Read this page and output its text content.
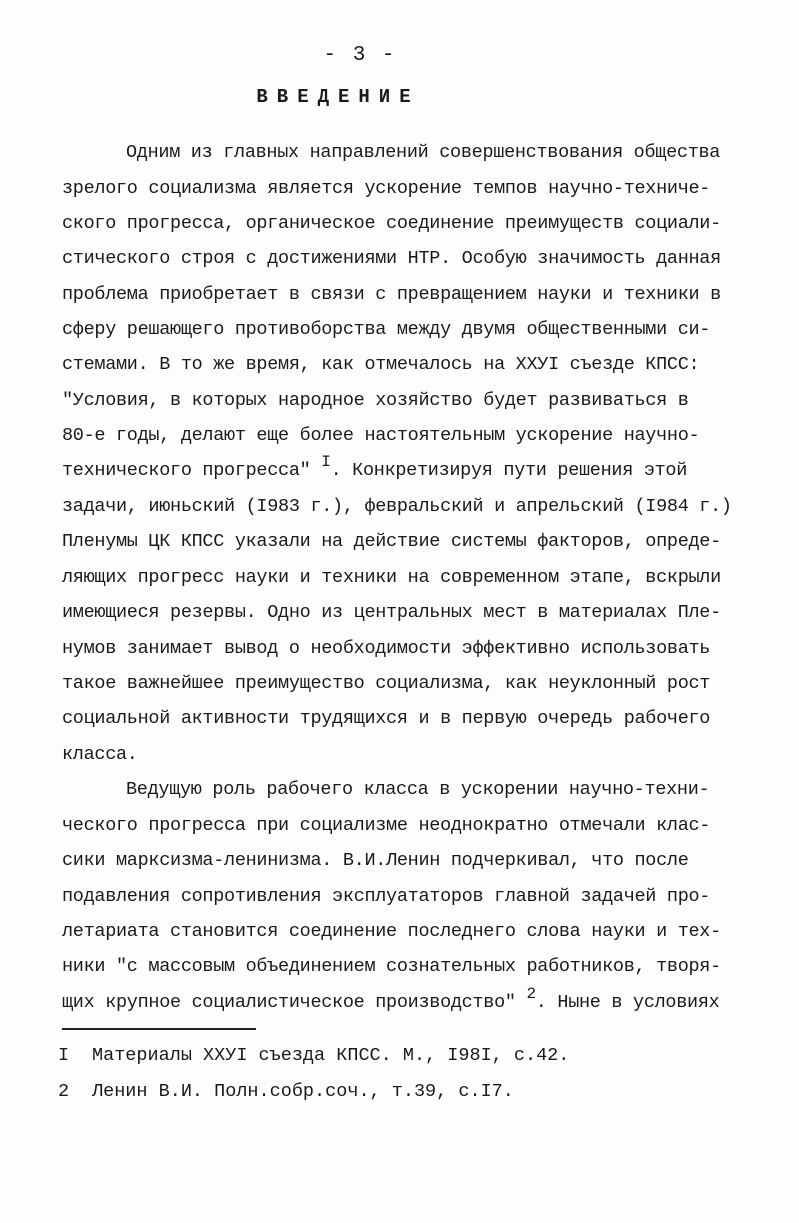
- 3 -
ВВЕДЕНИЕ
Одним из главных направлений совершенствования общества
зрелого социализма является ускорение темпов научно-техниче-
ского прогресса, органическое соединение преимуществ социали-
стического строя с достижениями НТР. Особую значимость данная
проблема приобретает в связи с превращением науки и техники в
сферу решающего противоборства между двумя общественными си-
стемами. В то же время, как отмечалось на XXУI съезде КПСС:
"Условия, в которых народное хозяйство будет развиваться в
80-е годы, делают еще более настоятельным ускорение научно-
технического прогресса" I. Конкретизируя пути решения этой
задачи, июньский (I983 г.), февральский и апрельский (I984 г.)
Пленумы ЦК КПСС указали на действие системы факторов, опреде-
ляющих прогресс науки и техники на современном этапе, вскрыли
имеющиеся резервы. Одно из центральных мест в материалах Пле-
нумов занимает вывод о необходимости эффективно использовать
такое важнейшее преимущество социализма, как неуклонный рост
социальной активности трудящихся и в первую очередь рабочего
класса.
Ведущую роль рабочего класса в ускорении научно-техни-
ческого прогресса при социализме неоднократно отмечали клас-
сики марксизма-ленинизма. В.И.Ленин подчеркивал, что после
подавления сопротивления эксплуататоров главной задачей про-
летариата становится соединение последнего слова науки и тех-
ники "с массовым объединением сознательных работников, творя-
щих крупное социалистическое производство" 2. Ныне в условиях
I Материалы XXУI съезда КПСС. М., I98I, с.42.
2 Ленин В.И. Полн.собр.соч., т.39, с.I7.
